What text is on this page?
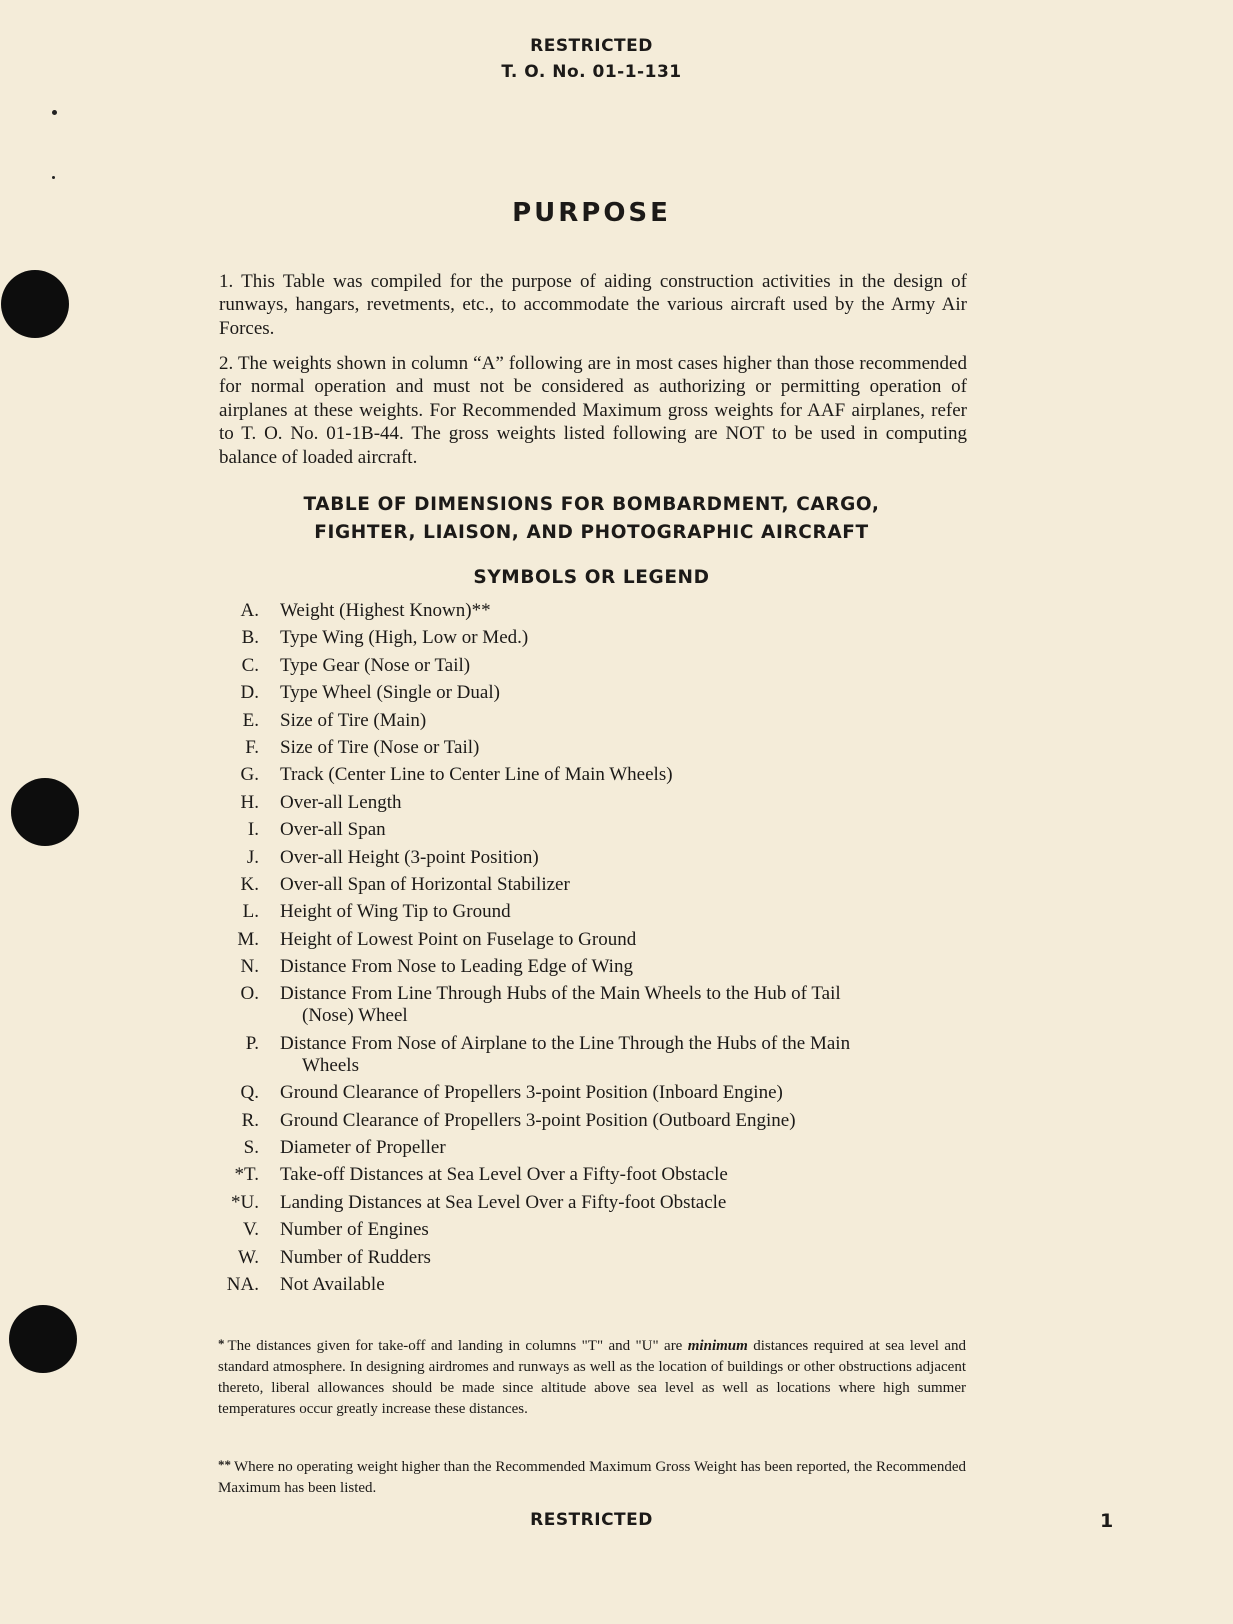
RESTRICTED
T. O. No. 01-1-131
PURPOSE

1. This Table was compiled for the purpose of aiding construction activities in the design of runways, hangars, revetments, etc., to accommodate the various aircraft used by the Army Air Forces.

2. The weights shown in column “A” following are in most cases higher than those recommended for normal operation and must not be considered as authorizing or permitting operation of airplanes at these weights. For Recommended Maximum gross weights for AAF airplanes, refer to T. O. No. 01-1B-44. The gross weights listed following are NOT to be used in computing balance of loaded aircraft.

TABLE OF DIMENSIONS FOR BOMBARDMENT, CARGO,
FIGHTER, LIAISON, AND PHOTOGRAPHIC AIRCRAFT
SYMBOLS OR LEGEND
A.	Weight (Highest Known)**
B.	Type Wing (High, Low or Med.)
C.	Type Gear (Nose or Tail)
D.	Type Wheel (Single or Dual)
E.	Size of Tire (Main)
F.	Size of Tire (Nose or Tail)
G.	Track (Center Line to Center Line of Main Wheels)
H.	Over-all Length
I.	Over-all Span
J.	Over-all Height (3-point Position)
K.	Over-all Span of Horizontal Stabilizer
L.	Height of Wing Tip to Ground
M.	Height of Lowest Point on Fuselage to Ground
N.	Distance From Nose to Leading Edge of Wing
O.	Distance From Line Through Hubs of the Main Wheels to the Hub of Tail
(Nose) Wheel
P.	Distance From Nose of Airplane to the Line Through the Hubs of the Main
Wheels
Q.	Ground Clearance of Propellers 3-point Position (Inboard Engine)
R.	Ground Clearance of Propellers 3-point Position (Outboard Engine)
S.	Diameter of Propeller
*T.	Take-off Distances at Sea Level Over a Fifty-foot Obstacle
*U.	Landing Distances at Sea Level Over a Fifty-foot Obstacle
V.	Number of Engines
W.	Number of Rudders
NA.	Not Available
* The distances given for take-off and landing in columns "T" and "U" are minimum distances required at sea level and standard atmosphere. In designing airdromes and runways as well as the location of buildings or other obstructions adjacent thereto, liberal allowances should be made since altitude above sea level as well as locations where high summer temperatures occur greatly increase these distances.
** Where no operating weight higher than the Recommended Maximum Gross Weight has been reported, the Recommended Maximum has been listed.
RESTRICTED	1
